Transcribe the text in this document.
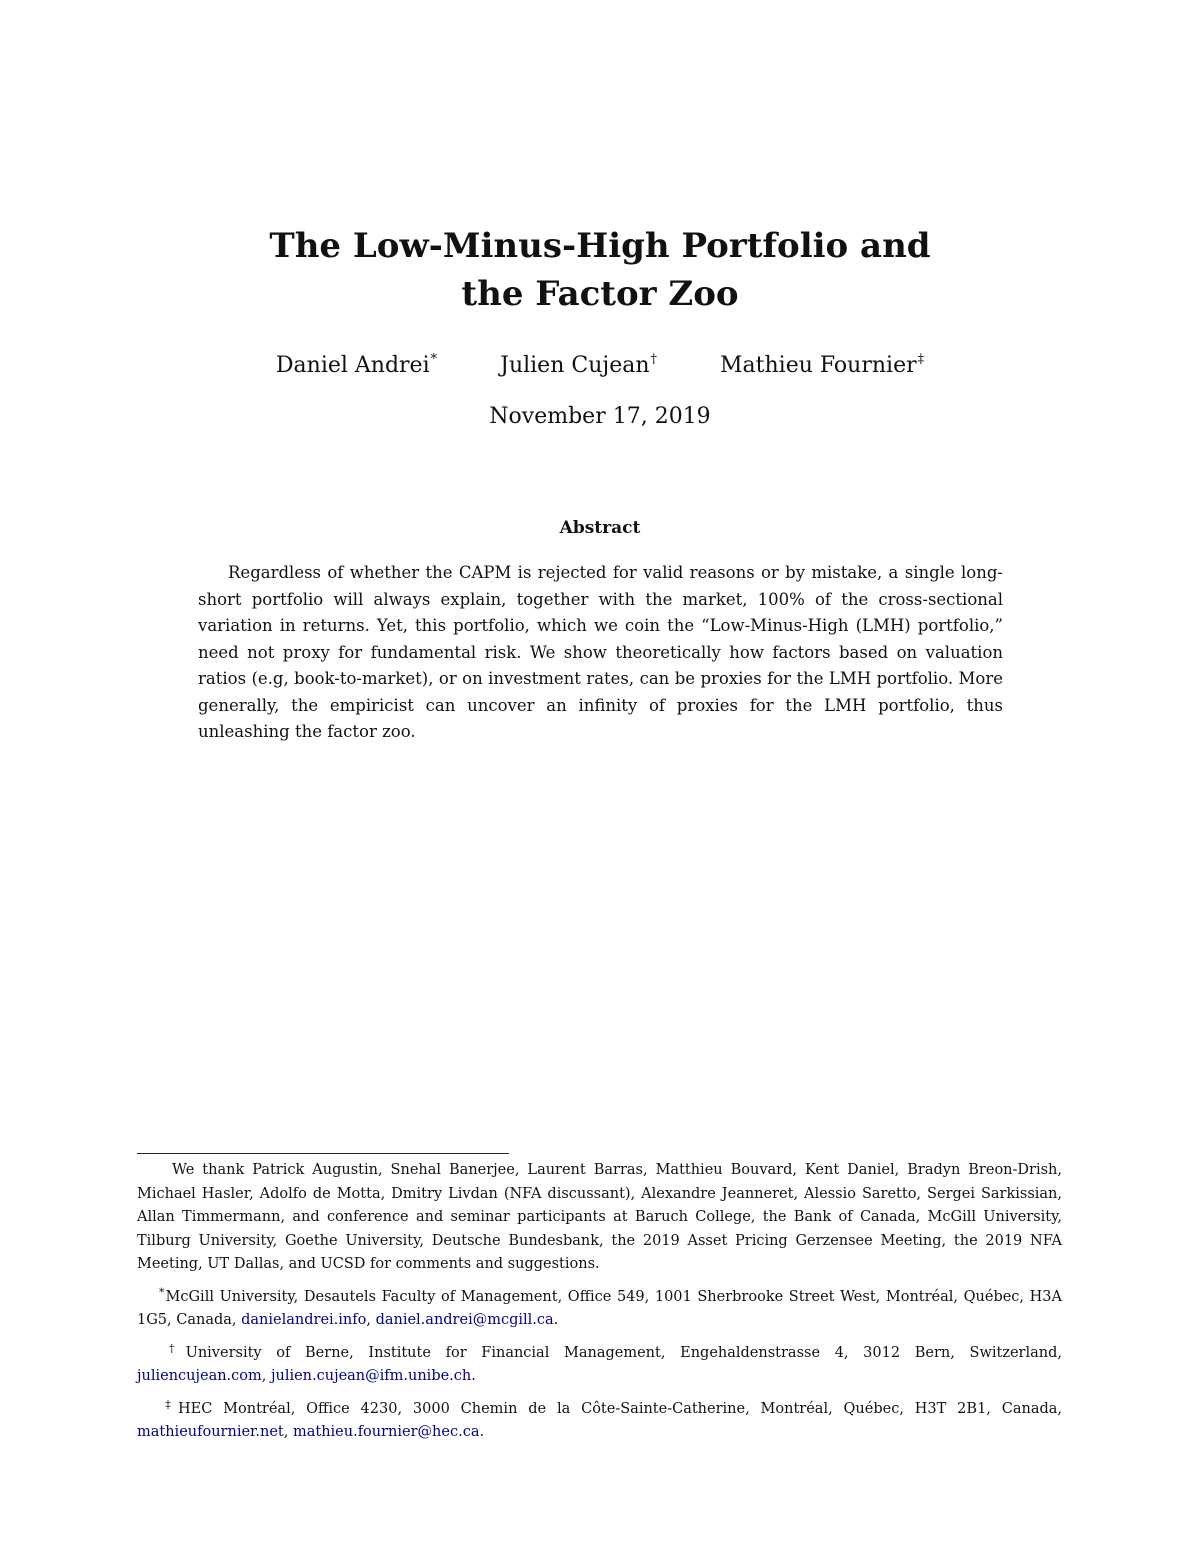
The Low-Minus-High Portfolio and
the Factor Zoo
Daniel Andrei*	Julien Cujean†	Mathieu Fournier‡
November 17, 2019
Abstract

Regardless of whether the CAPM is rejected for valid reasons or by mistake, a single long-short portfolio will always explain, together with the market, 100% of the cross-sectional variation in returns. Yet, this portfolio, which we coin the “Low-Minus-High (LMH) portfolio,” need not proxy for fundamental risk. We show theoretically how factors based on valuation ratios (e.g, book-to-market), or on investment rates, can be proxies for the LMH portfolio. More generally, the empiricist can uncover an infinity of proxies for the LMH portfolio, thus unleashing the factor zoo.

We thank Patrick Augustin, Snehal Banerjee, Laurent Barras, Matthieu Bouvard, Kent Daniel, Bradyn Breon-Drish, Michael Hasler, Adolfo de Motta, Dmitry Livdan (NFA discussant), Alexandre Jeanneret, Alessio Saretto, Sergei Sarkissian, Allan Timmermann, and conference and seminar participants at Baruch College, the Bank of Canada, McGill University, Tilburg University, Goethe University, Deutsche Bundesbank, the 2019 Asset Pricing Gerzensee Meeting, the 2019 NFA Meeting, UT Dallas, and UCSD for comments and suggestions.

*McGill University, Desautels Faculty of Management, Office 549, 1001 Sherbrooke Street West, Montréal, Québec, H3A 1G5, Canada, danielandrei.info, daniel.andrei@mcgill.ca.

†University of Berne, Institute for Financial Management, Engehaldenstrasse 4, 3012 Bern, Switzerland, juliencujean.com, julien.cujean@ifm.unibe.ch.

‡HEC Montréal, Office 4230, 3000 Chemin de la Côte-Sainte-Catherine, Montréal, Québec, H3T 2B1, Canada, mathieufournier.net, mathieu.fournier@hec.ca.
